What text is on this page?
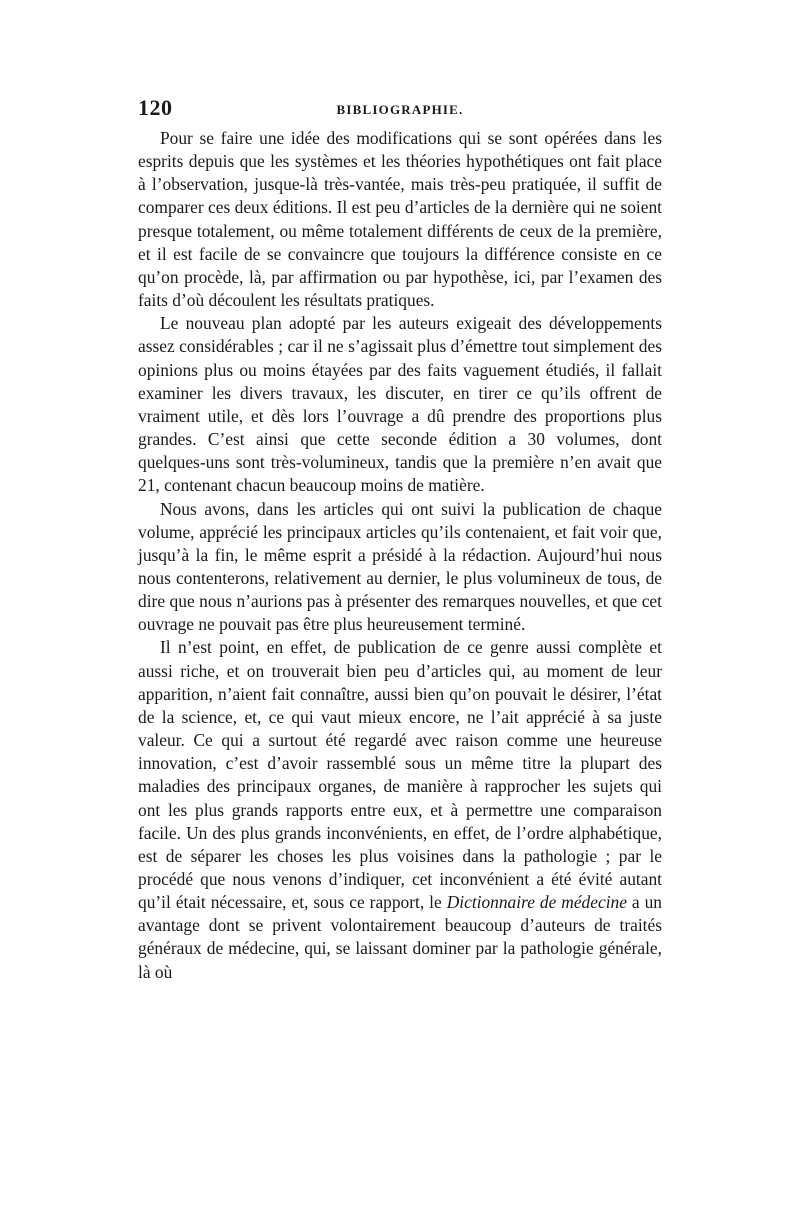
120	BIBLIOGRAPHIE.

Pour se faire une idée des modifications qui se sont opérées dans les esprits depuis que les systèmes et les théories hypothétiques ont fait place à l’observation, jusque-là très-vantée, mais très-peu pratiquée, il suffit de comparer ces deux éditions. Il est peu d’articles de la dernière qui ne soient presque totalement, ou même totalement différents de ceux de la première, et il est facile de se convaincre que toujours la différence consiste en ce qu’on procède, là, par affirmation ou par hypothèse, ici, par l’examen des faits d’où découlent les résultats pratiques.

Le nouveau plan adopté par les auteurs exigeait des développements assez considérables ; car il ne s’agissait plus d’émettre tout simplement des opinions plus ou moins étayées par des faits vaguement étudiés, il fallait examiner les divers travaux, les discuter, en tirer ce qu’ils offrent de vraiment utile, et dès lors l’ouvrage a dû prendre des proportions plus grandes. C’est ainsi que cette seconde édition a 30 volumes, dont quelques-uns sont très-volumineux, tandis que la première n’en avait que 21, contenant chacun beaucoup moins de matière.

Nous avons, dans les articles qui ont suivi la publication de chaque volume, apprécié les principaux articles qu’ils contenaient, et fait voir que, jusqu’à la fin, le même esprit a présidé à la rédaction. Aujourd’hui nous nous contenterons, relativement au dernier, le plus volumineux de tous, de dire que nous n’aurions pas à présenter des remarques nouvelles, et que cet ouvrage ne pouvait pas être plus heureusement terminé.

Il n’est point, en effet, de publication de ce genre aussi complète et aussi riche, et on trouverait bien peu d’articles qui, au moment de leur apparition, n’aient fait connaître, aussi bien qu’on pouvait le désirer, l’état de la science, et, ce qui vaut mieux encore, ne l’ait apprécié à sa juste valeur. Ce qui a surtout été regardé avec raison comme une heureuse innovation, c’est d’avoir rassemblé sous un même titre la plupart des maladies des principaux organes, de manière à rapprocher les sujets qui ont les plus grands rapports entre eux, et à permettre une comparaison facile. Un des plus grands inconvénients, en effet, de l’ordre alphabétique, est de séparer les choses les plus voisines dans la pathologie ; par le procédé que nous venons d’indiquer, cet inconvénient a été évité autant qu’il était nécessaire, et, sous ce rapport, le Dictionnaire de médecine a un avantage dont se privent volontairement beaucoup d’auteurs de traités généraux de médecine, qui, se laissant dominer par la pathologie générale, là où
